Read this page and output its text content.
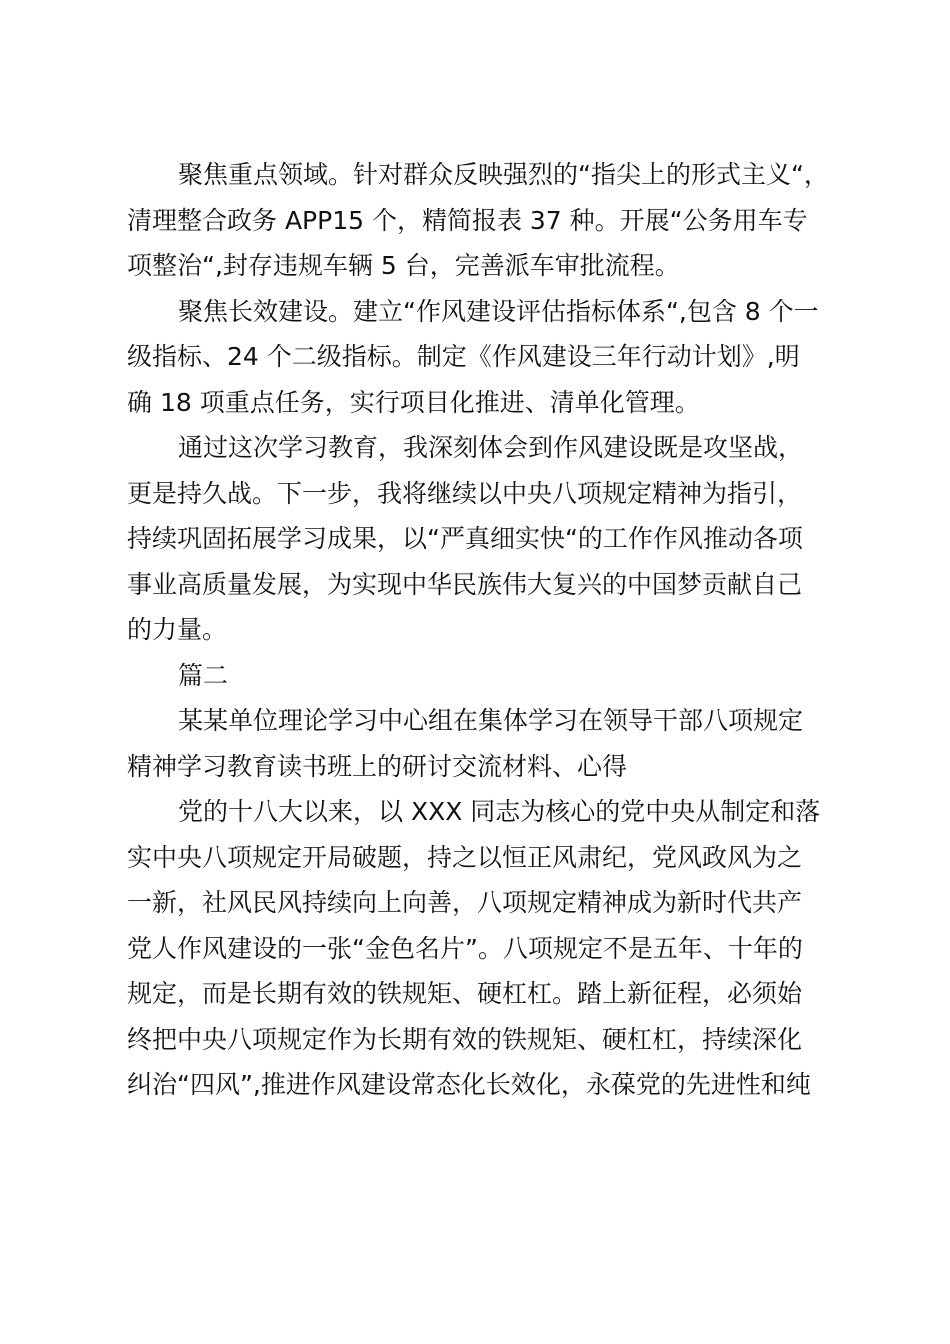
聚焦重点领域。针对群众反映强烈的“指尖上的形式主义“，
清理整合政务 APP15 个，精简报表 37 种。开展“公务用车专
项整治“,封存违规车辆 5 台，完善派车审批流程。
聚焦长效建设。建立“作风建设评估指标体系“,包含 8 个一
级指标、24 个二级指标。制定《作风建设三年行动计划》,明
确 18 项重点任务，实行项目化推进、清单化管理。
通过这次学习教育，我深刻体会到作风建设既是攻坚战，
更是持久战。下一步，我将继续以中央八项规定精神为指引，
持续巩固拓展学习成果，以“严真细实快“的工作作风推动各项
事业高质量发展，为实现中华民族伟大复兴的中国梦贡献自己
的力量。
篇二
某某单位理论学习中心组在集体学习在领导干部八项规定
精神学习教育读书班上的研讨交流材料、心得
党的十八大以来，以 XXX 同志为核心的党中央从制定和落
实中央八项规定开局破题，持之以恒正风肃纪，党风政风为之
一新，社风民风持续向上向善，八项规定精神成为新时代共产
党人作风建设的一张“金色名片”。八项规定不是五年、十年的
规定，而是长期有效的铁规矩、硬杠杠。踏上新征程，必须始
终把中央八项规定作为长期有效的铁规矩、硬杠杠，持续深化
纠治“四风”,推进作风建设常态化长效化，永葆党的先进性和纯
